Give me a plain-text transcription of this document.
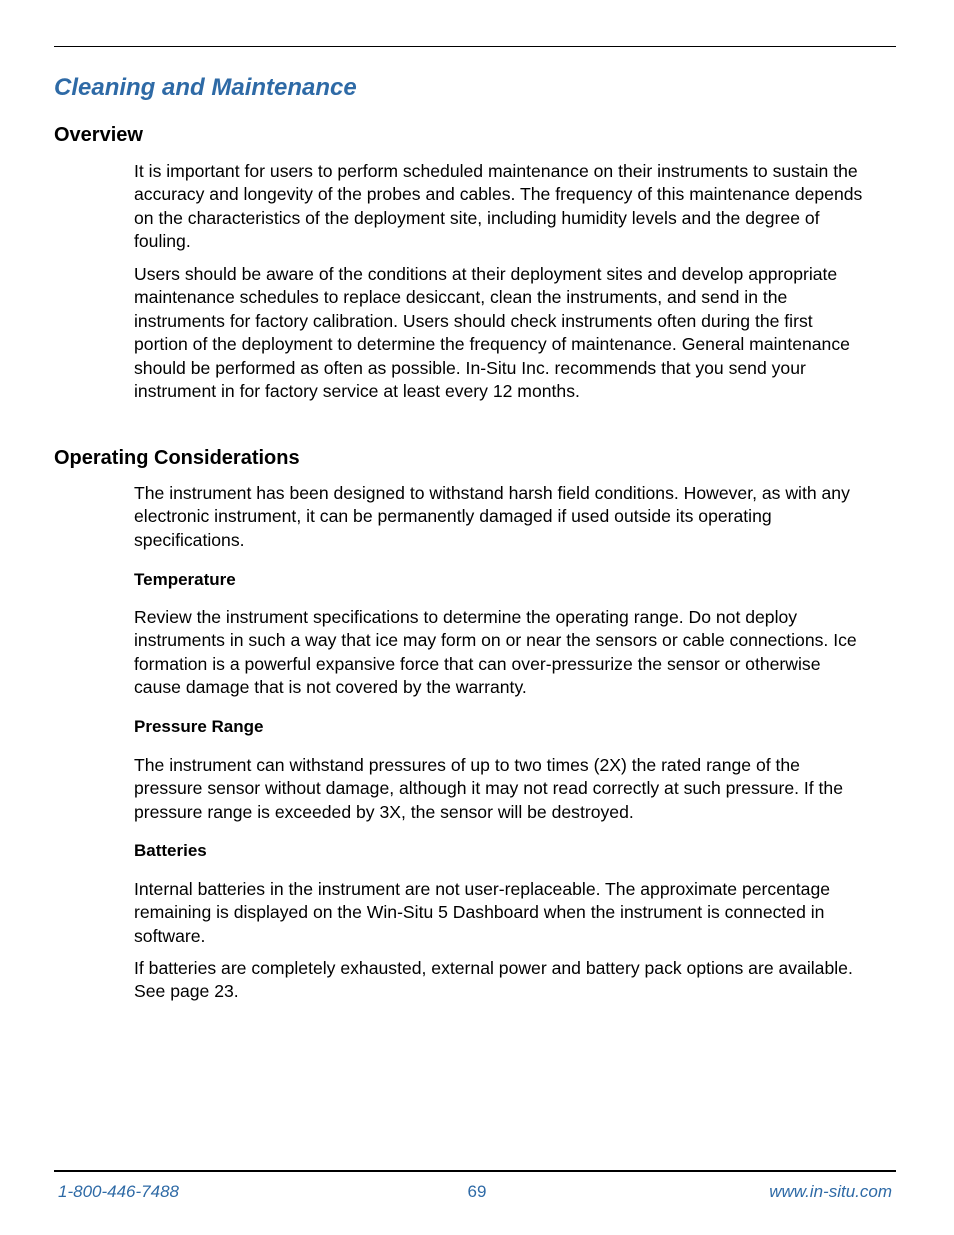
Cleaning and Maintenance
Overview

It is important for users to perform scheduled maintenance on their instruments to sustain the accuracy and longevity of the probes and cables. The frequency of this maintenance depends on the characteristics of the deployment site, including humidity levels and the degree of fouling.

Users should be aware of the conditions at their deployment sites and develop appropriate maintenance schedules to replace desiccant, clean the instruments, and send in the instruments for factory calibration. Users should check instruments often during the first portion of the deployment to determine the frequency of maintenance. General maintenance should be performed as often as possible. In-Situ Inc. recommends that you send your instrument in for factory service at least every 12 months.

Operating Considerations

The instrument has been designed to withstand harsh field conditions. However, as with any electronic instrument, it can be permanently damaged if used outside its operating specifications.

Temperature

Review the instrument specifications to determine the operating range. Do not deploy instruments in such a way that ice may form on or near the sensors or cable connections. Ice formation is a powerful expansive force that can over-pressurize the sensor or otherwise cause damage that is not covered by the warranty.

Pressure Range

The instrument can withstand pressures of up to two times (2X) the rated range of the pressure sensor without damage, although it may not read correctly at such pressure. If the pressure range is exceeded by 3X, the sensor will be destroyed.

Batteries

Internal batteries in the instrument are not user-replaceable. The approximate percentage remaining is displayed on the Win-Situ 5 Dashboard when the instrument is connected in software.

If batteries are completely exhausted, external power and battery pack options are available. See page 23.

1-800-446-7488	69	www.in-situ.com
